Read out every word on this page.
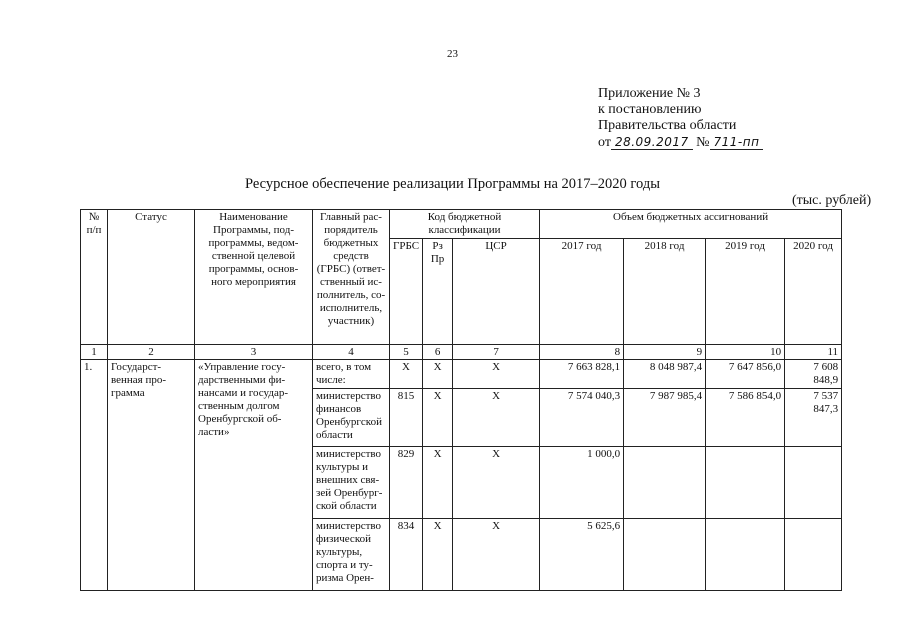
23
Приложение № 3
к постановлению
Правительства области
от 28.09.2017 № 711-пп
Ресурсное обеспечение реализации Программы на 2017–2020 годы
(тыс. рублей)
№ п/п	Статус	Наименование Программы, под- программы, ведом- ственной целевой программы, основ- ного мероприятия	Главный рас- порядитель бюджетных средств (ГРБС) (ответ- ственный ис- полнитель, со- исполнитель, участник)	Код бюджетной классификации			Объем бюджетных ассигнований			
				ГРБС	Рз Пр	ЦСР	2017 год	2018 год	2019 год	2020 год
1	2	3	4	5	6	7	8	9	10	11
1.	Государст- венная про- грамма	«Управление госу- дарственными фи- нансами и государ- ственным долгом Оренбургской об- ласти»	всего, в том числе:	X	X	X	7 663 828,1	8 048 987,4	7 647 856,0	7 608 848,9
			министерство финансов Оренбургской области	815	X	X	7 574 040,3	7 987 985,4	7 586 854,0	7 537 847,3
			министерство культуры и внешних свя- зей Оренбург- ской области	829	X	X	1 000,0			
			министерство физической культуры, спорта и ту- ризма Орен-	834	X	X	5 625,6			
